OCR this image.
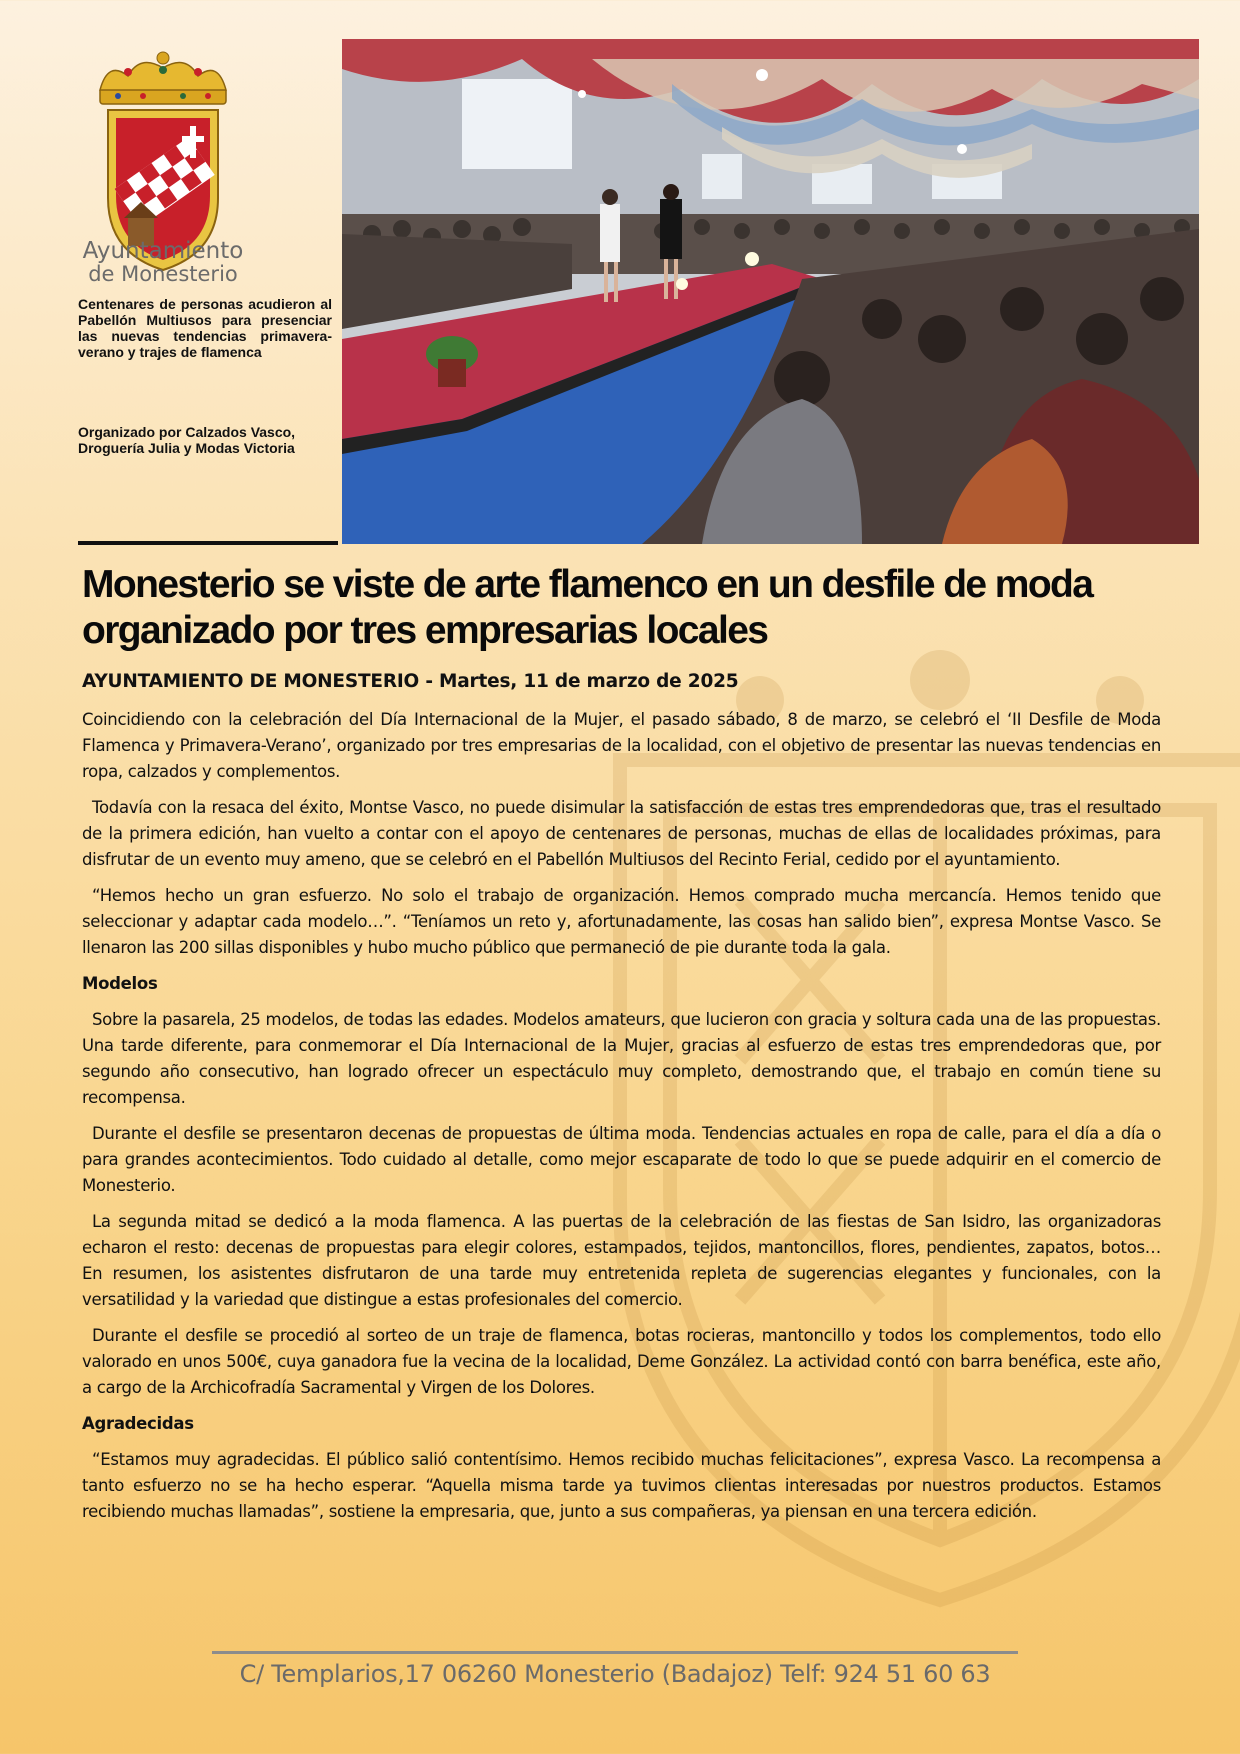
Ayuntamiento
de Monesterio

Centenares de personas acudieron al Pabellón Multiusos para presenciar las nuevas tendencias primavera-verano y trajes de flamenca

Organizado por Calzados Vasco, Droguería Julia y Modas Victoria

Monesterio se viste de arte flamenco en un desfile de moda organizado por tres empresarias locales

AYUNTAMIENTO DE MONESTERIO - Martes, 11 de marzo de 2025

Coincidiendo con la celebración del Día Internacional de la Mujer, el pasado sábado, 8 de marzo, se celebró el ‘II Desfile de Moda Flamenca y Primavera-Verano’, organizado por tres empresarias de la localidad, con el objetivo de presentar las nuevas tendencias en ropa, calzados y complementos.

Todavía con la resaca del éxito, Montse Vasco, no puede disimular la satisfacción de estas tres emprendedoras que, tras el resultado de la primera edición, han vuelto a contar con el apoyo de centenares de personas, muchas de ellas de localidades próximas, para disfrutar de un evento muy ameno, que se celebró en el Pabellón Multiusos del Recinto Ferial, cedido por el ayuntamiento.

“Hemos hecho un gran esfuerzo. No solo el trabajo de organización. Hemos comprado mucha mercancía. Hemos tenido que seleccionar y adaptar cada modelo…”. “Teníamos un reto y, afortunadamente, las cosas han salido bien”, expresa Montse Vasco. Se llenaron las 200 sillas disponibles y hubo mucho público que permaneció de pie durante toda la gala.

Modelos

Sobre la pasarela, 25 modelos, de todas las edades. Modelos amateurs, que lucieron con gracia y soltura cada una de las propuestas. Una tarde diferente, para conmemorar el Día Internacional de la Mujer, gracias al esfuerzo de estas tres emprendedoras que, por segundo año consecutivo, han logrado ofrecer un espectáculo muy completo, demostrando que, el trabajo en común tiene su recompensa.

Durante el desfile se presentaron decenas de propuestas de última moda. Tendencias actuales en ropa de calle, para el día a día o para grandes acontecimientos. Todo cuidado al detalle, como mejor escaparate de todo lo que se puede adquirir en el comercio de Monesterio.

La segunda mitad se dedicó a la moda flamenca. A las puertas de la celebración de las fiestas de San Isidro, las organizadoras echaron el resto: decenas de propuestas para elegir colores, estampados, tejidos, mantoncillos, flores, pendientes, zapatos, botos… En resumen, los asistentes disfrutaron de una tarde muy entretenida repleta de sugerencias elegantes y funcionales, con la versatilidad y la variedad que distingue a estas profesionales del comercio.

Durante el desfile se procedió al sorteo de un traje de flamenca, botas rocieras, mantoncillo y todos los complementos, todo ello valorado en unos 500€, cuya ganadora fue la vecina de la localidad, Deme González. La actividad contó con barra benéfica, este año, a cargo de la Archicofradía Sacramental y Virgen de los Dolores.

Agradecidas

“Estamos muy agradecidas. El público salió contentísimo. Hemos recibido muchas felicitaciones”, expresa Vasco. La recompensa a tanto esfuerzo no se ha hecho esperar. “Aquella misma tarde ya tuvimos clientas interesadas por nuestros productos. Estamos recibiendo muchas llamadas”, sostiene la empresaria, que, junto a sus compañeras, ya piensan en una tercera edición.

C/ Templarios,17 06260 Monesterio (Badajoz) Telf: 924 51 60 63
